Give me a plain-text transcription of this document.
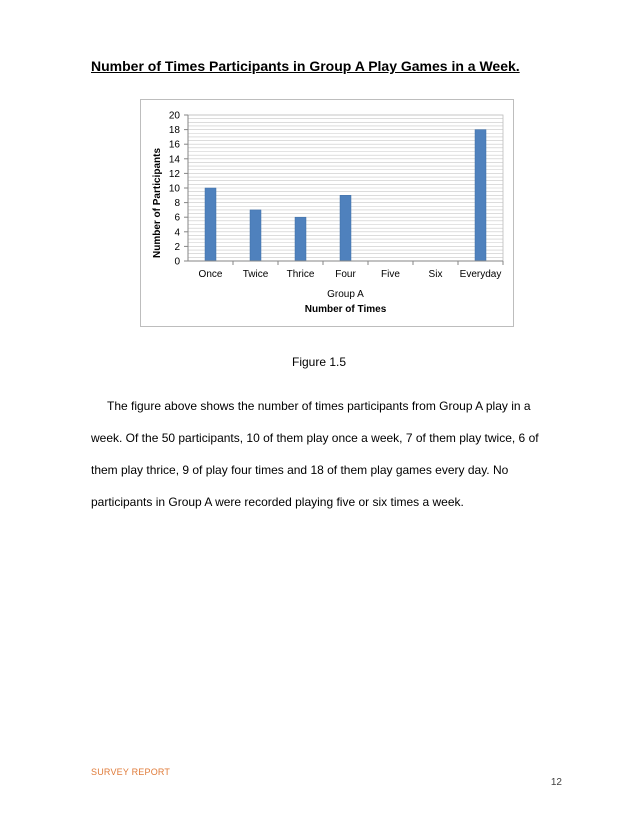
Number of Times Participants in Group A Play Games in a Week.
0
2
4
6
8
10
12
14
16
18
20
Once Twice Thrice Four	Five	Six Everyday
Group A
Number of Times
Number of Participants
Figure 1.5
The figure above shows the number of times participants from Group A play in a week. Of the 50 participants, 10 of them play once a week, 7 of them play twice, 6 of them play thrice, 9 of play four times and 18 of them play games every day. No participants in Group A were recorded playing five or six times a week.
SURVEY REPORT
12
